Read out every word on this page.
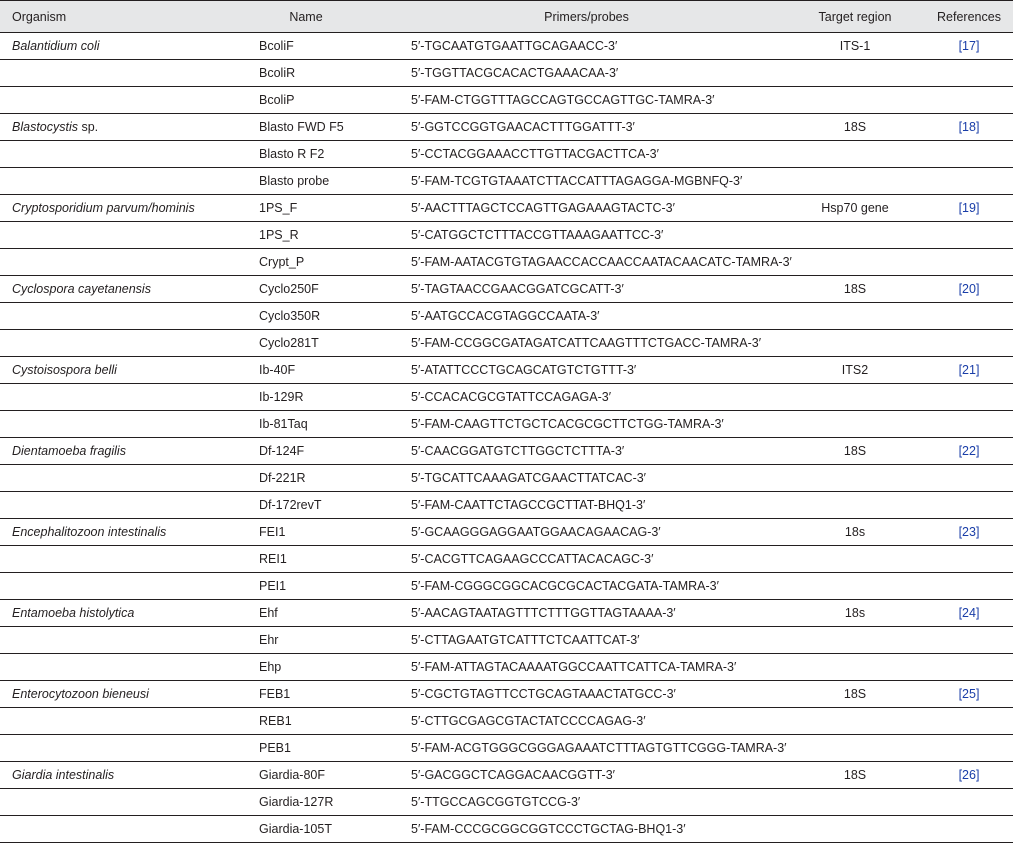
Organism	Name	Primers/probes	Target region	References
Balantidium coli	BcoliF	5′-TGCAATGTGAATTGCAGAACC-3′	ITS-1	[17]
	BcoliR	5′-TGGTTACGCACACTGAAACAA-3′		
	BcoliP	5′-FAM-CTGGTTTAGCCAGTGCCAGTTGC-TAMRA-3′		
Blastocystis sp.	Blasto FWD F5	5′-GGTCCGGTGAACACTTTGGATTT-3′	18S	[18]
	Blasto R F2	5′-CCTACGGAAACCTTGTTACGACTTCA-3′		
	Blasto probe	5′-FAM-TCGTGTAAATCTTACCATTTAGAGGA-MGBNFQ-3′		
Cryptosporidium parvum/hominis	1PS_F	5′-AACTTTAGCTCCAGTTGAGAAAGTACTC-3′	Hsp70 gene	[19]
	1PS_R	5′-CATGGCTCTTTACCGTTAAAGAATTCC-3′		
	Crypt_P	5′-FAM-AATACGTGTAGAACCACCAACCAATACAACATC-TAMRA-3′		
Cyclospora cayetanensis	Cyclo250F	5′-TAGTAACCGAACGGATCGCATT-3′	18S	[20]
	Cyclo350R	5′-AATGCCACGTAGGCCAATA-3′		
	Cyclo281T	5′-FAM-CCGGCGATAGATCATTCAAGTTTCTGACC-TAMRA-3′		
Cystoisospora belli	Ib-40F	5′-ATATTCCCTGCAGCATGTCTGTTT-3′	ITS2	[21]
	Ib-129R	5′-CCACACGCGTATTCCAGAGA-3′		
	Ib-81Taq	5′-FAM-CAAGTTCTGCTCACGCGCTTCTGG-TAMRA-3′		
Dientamoeba fragilis	Df-124F	5′-CAACGGATGTCTTGGCTCTTTA-3′	18S	[22]
	Df-221R	5′-TGCATTCAAAGATCGAACTTATCAC-3′		
	Df-172revT	5′-FAM-CAATTCTAGCCGCTTAT-BHQ1-3′		
Encephalitozoon intestinalis	FEI1	5′-GCAAGGGAGGAATGGAACAGAACAG-3′	18s	[23]
	REI1	5′-CACGTTCAGAAGCCCATTACACAGC-3′		
	PEI1	5′-FAM-CGGGCGGCACGCGCACTACGATA-TAMRA-3′		
Entamoeba histolytica	Ehf	5′-AACAGTAATAGTTTCTTTGGTTAGTAAAA-3′	18s	[24]
	Ehr	5′-CTTAGAATGTCATTTCTCAATTCAT-3′		
	Ehp	5′-FAM-ATTAGTACAAAATGGCCAATTCATTCA-TAMRA-3′		
Enterocytozoon bieneusi	FEB1	5′-CGCTGTAGTTCCTGCAGTAAACTATGCC-3′	18S	[25]
	REB1	5′-CTTGCGAGCGTACTATCCCCAGAG-3′		
	PEB1	5′-FAM-ACGTGGGCGGGAGAAATCTTTAGTGTTCGGG-TAMRA-3′		
Giardia intestinalis	Giardia-80F	5′-GACGGCTCAGGACAACGGTT-3′	18S	[26]
	Giardia-127R	5′-TTGCCAGCGGTGTCCG-3′		
	Giardia-105T	5′-FAM-CCCGCGGCGGTCCCTGCTAG-BHQ1-3′		
